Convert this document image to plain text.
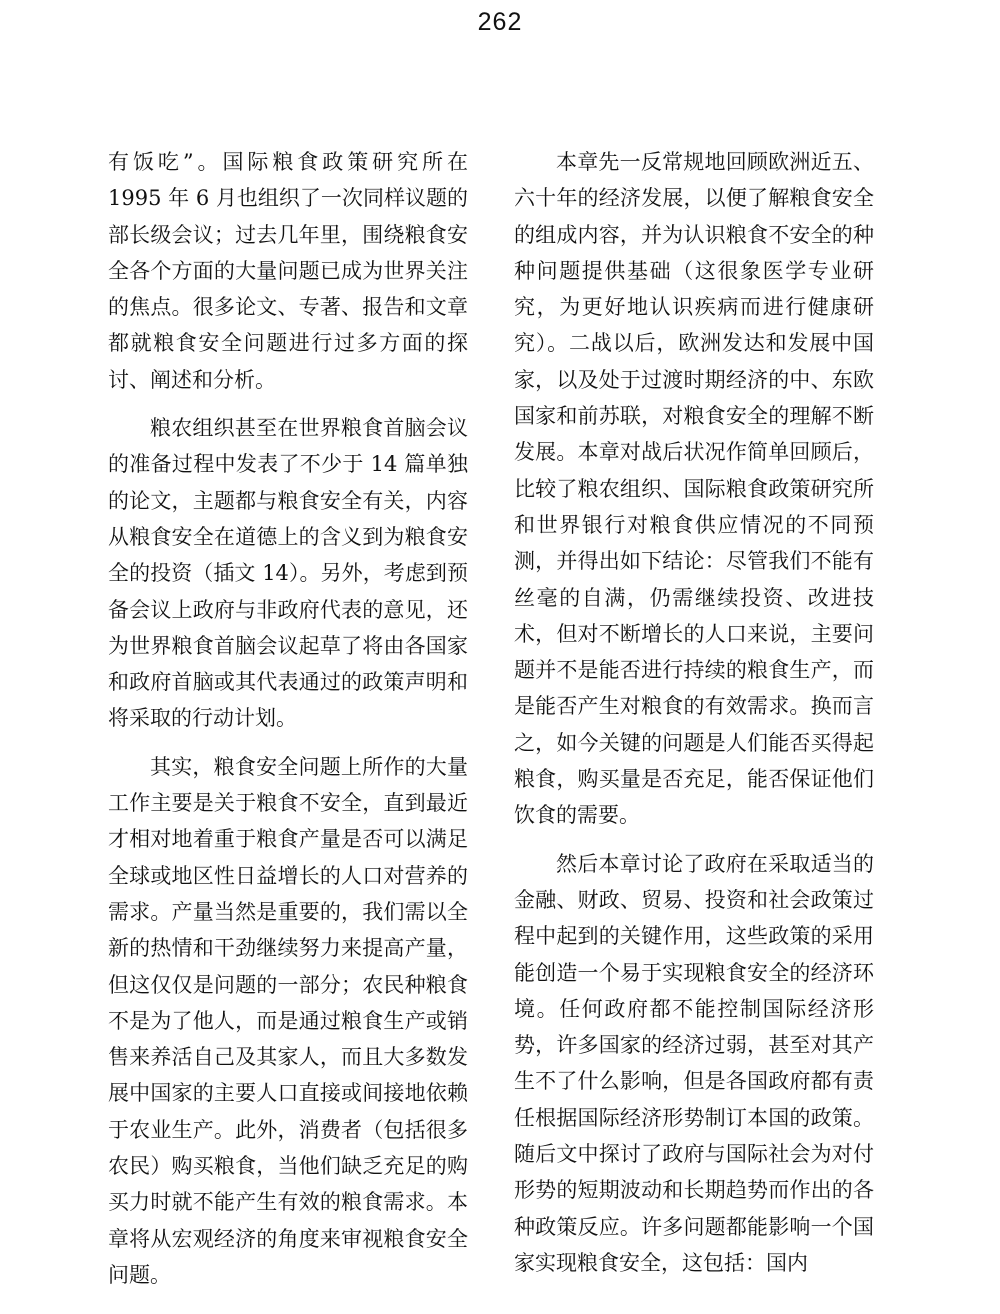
262

有饭吃”。国际粮食政策研究所在 1995 年 6 月也组织了一次同样议题的部长级会议；过去几年里，围绕粮食安全各个方面的大量问题已成为世界关注的焦点。很多论文、专著、报告和文章都就粮食安全问题进行过多方面的探讨、阐述和分析。

粮农组织甚至在世界粮食首脑会议的准备过程中发表了不少于 14 篇单独的论文，主题都与粮食安全有关，内容从粮食安全在道德上的含义到为粮食安全的投资（插文 14）。另外，考虑到预备会议上政府与非政府代表的意见，还为世界粮食首脑会议起草了将由各国家和政府首脑或其代表通过的政策声明和将采取的行动计划。

其实，粮食安全问题上所作的大量工作主要是关于粮食不安全，直到最近才相对地着重于粮食产量是否可以满足全球或地区性日益增长的人口对营养的需求。产量当然是重要的，我们需以全新的热情和干劲继续努力来提高产量，但这仅仅是问题的一部分；农民种粮食不是为了他人，而是通过粮食生产或销售来养活自己及其家人，而且大多数发展中国家的主要人口直接或间接地依赖于农业生产。此外，消费者（包括很多农民）购买粮食，当他们缺乏充足的购买力时就不能产生有效的粮食需求。本章将从宏观经济的角度来审视粮食安全问题。

本章先一反常规地回顾欧洲近五、六十年的经济发展，以便了解粮食安全的组成内容，并为认识粮食不安全的种种问题提供基础（这很象医学专业研究，为更好地认识疾病而进行健康研究）。二战以后，欧洲发达和发展中国家，以及处于过渡时期经济的中、东欧国家和前苏联，对粮食安全的理解不断发展。本章对战后状况作简单回顾后，比较了粮农组织、国际粮食政策研究所和世界银行对粮食供应情况的不同预测，并得出如下结论：尽管我们不能有丝毫的自满，仍需继续投资、改进技术，但对不断增长的人口来说，主要问题并不是能否进行持续的粮食生产，而是能否产生对粮食的有效需求。换而言之，如今关键的问题是人们能否买得起粮食，购买量是否充足，能否保证他们饮食的需要。

然后本章讨论了政府在采取适当的金融、财政、贸易、投资和社会政策过程中起到的关键作用，这些政策的采用能创造一个易于实现粮食安全的经济环境。任何政府都不能控制国际经济形势，许多国家的经济过弱，甚至对其产生不了什么影响，但是各国政府都有责任根据国际经济形势制订本国的政策。随后文中探讨了政府与国际社会为对付形势的短期波动和长期趋势而作出的各种政策反应。许多问题都能影响一个国家实现粮食安全，这包括：国内
